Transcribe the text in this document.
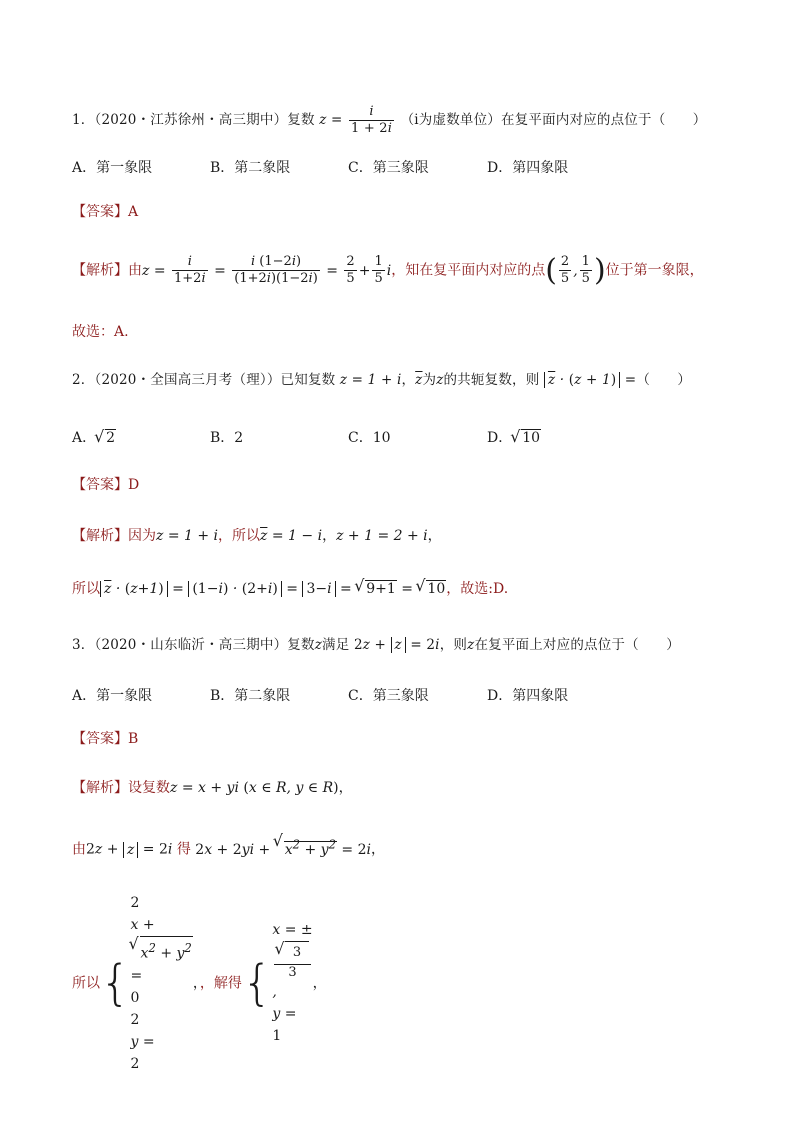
1．（2020・江苏徐州・高三期中）复数 $z = \frac{i}{1 + 2i} (i$为虚数单位）在复平面内对应的点位于（　　）
A．第一象限	B．第二象限	C．第三象限	D．第四象限
【答案】A
【解析】由$z = \frac{i}{1+2i} = \frac{i (1-2i)}{(1+2i)(1-2i)} = \frac{2}{5} + \frac{1}{5}$ i，知在复平面内对应的点( $\frac{2}{5}$ , $\frac{1}{5}$ )位于第一象限，
故选：A.
2．（2020・全国高三月考（理））已知复数 z = 1 + i，$\overline{z}$为z的共轭复数，则 $\overline{z} \cdot (z + 1)$ =（　　）
A． √ 2	B．2	C．10	D． √ 10
【答案】D
【解析】因为z = 1 + i，所以$\overline{z} = 1 - i$，z + 1 = 2 + i，
所以 $\overline{z} \cdot (z+1) = (1-i) \cdot (2+i) = 3-i$ = √ 9+1 = √ 10，故选:D.
3．（2020・山东临沂・高三期中）复数z满足 2z + z = 2i，则z在复平面上对应的点位于（　　）
A．第一象限	B．第二象限	C．第三象限	D．第四象限
【答案】B
【解析】设复数z = x + yi (x ∈ R, y ∈ R)，
由2z + z = 2i 得 2x + 2yi + √ $x^2 + y^2 = 2i$，
所以{
2
x +
√ $x^2 + y^2$
=
0
2
y =
2
，，解得{
x = ±
√ 3
3
,
y =
1
，
